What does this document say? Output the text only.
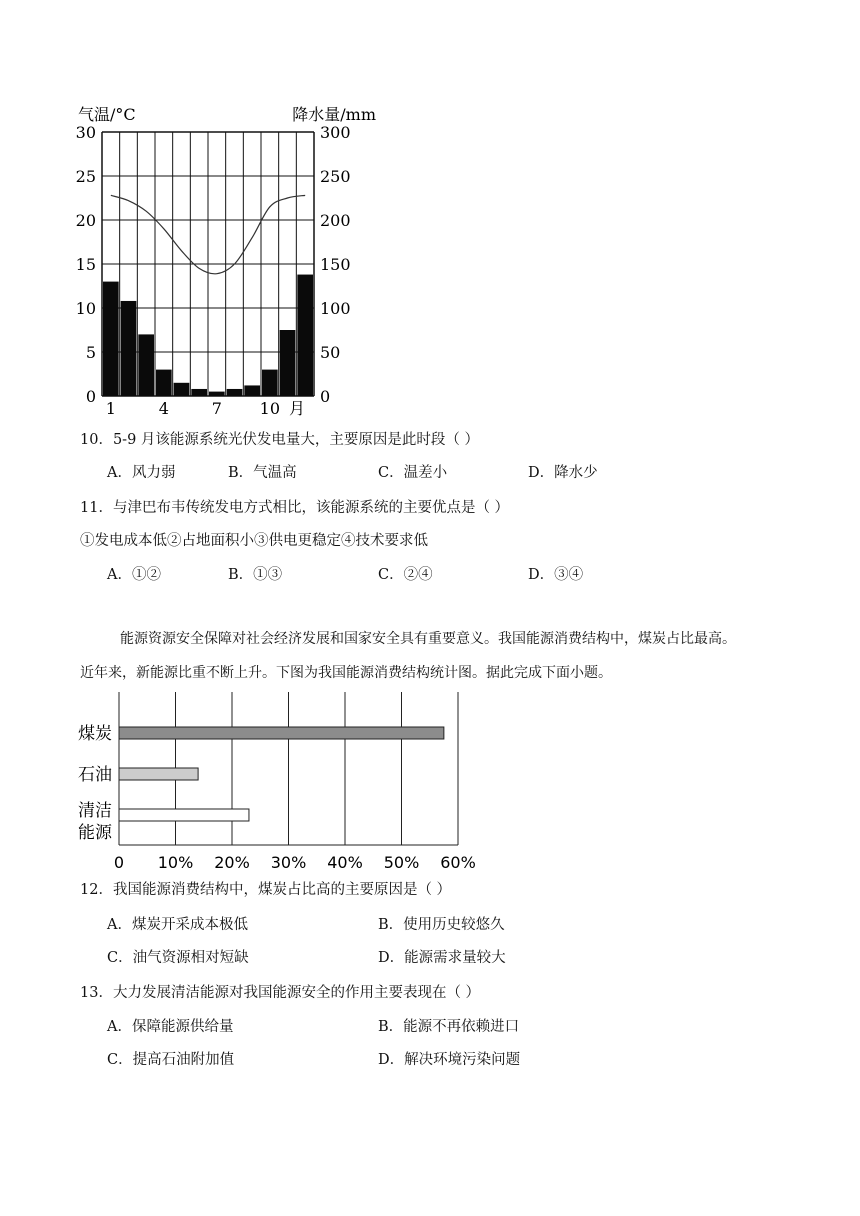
气温/°C	降水量/mm
30
25
20
15
10
5
0
300
250
200
150
100
50
0
1	4	7 10 月
10．5-9 月该能源系统光伏发电量大，主要原因是此时段（ ）
A．风力弱	B．气温高	C．温差小	D．降水少
11．与津巴布韦传统发电方式相比，该能源系统的主要优点是（ ）
①发电成本低②占地面积小③供电更稳定④技术要求低
A．①②	B．①③	C．②④	D．③④

能源资源安全保障对社会经济发展和国家安全具有重要意义。我国能源消费结构中，煤炭占比最高。

近年来，新能源比重不断上升。下图为我国能源消费结构统计图。据此完成下面小题。

煤炭
石油
清洁
能源
0 10% 20% 30% 40% 50% 60%
12．我国能源消费结构中，煤炭占比高的主要原因是（ ）
A．煤炭开采成本极低	B．使用历史较悠久
C．油气资源相对短缺	D．能源需求量较大
13．大力发展清洁能源对我国能源安全的作用主要表现在（ ）
A．保障能源供给量	B．能源不再依赖进口
C．提高石油附加值	D．解决环境污染问题
